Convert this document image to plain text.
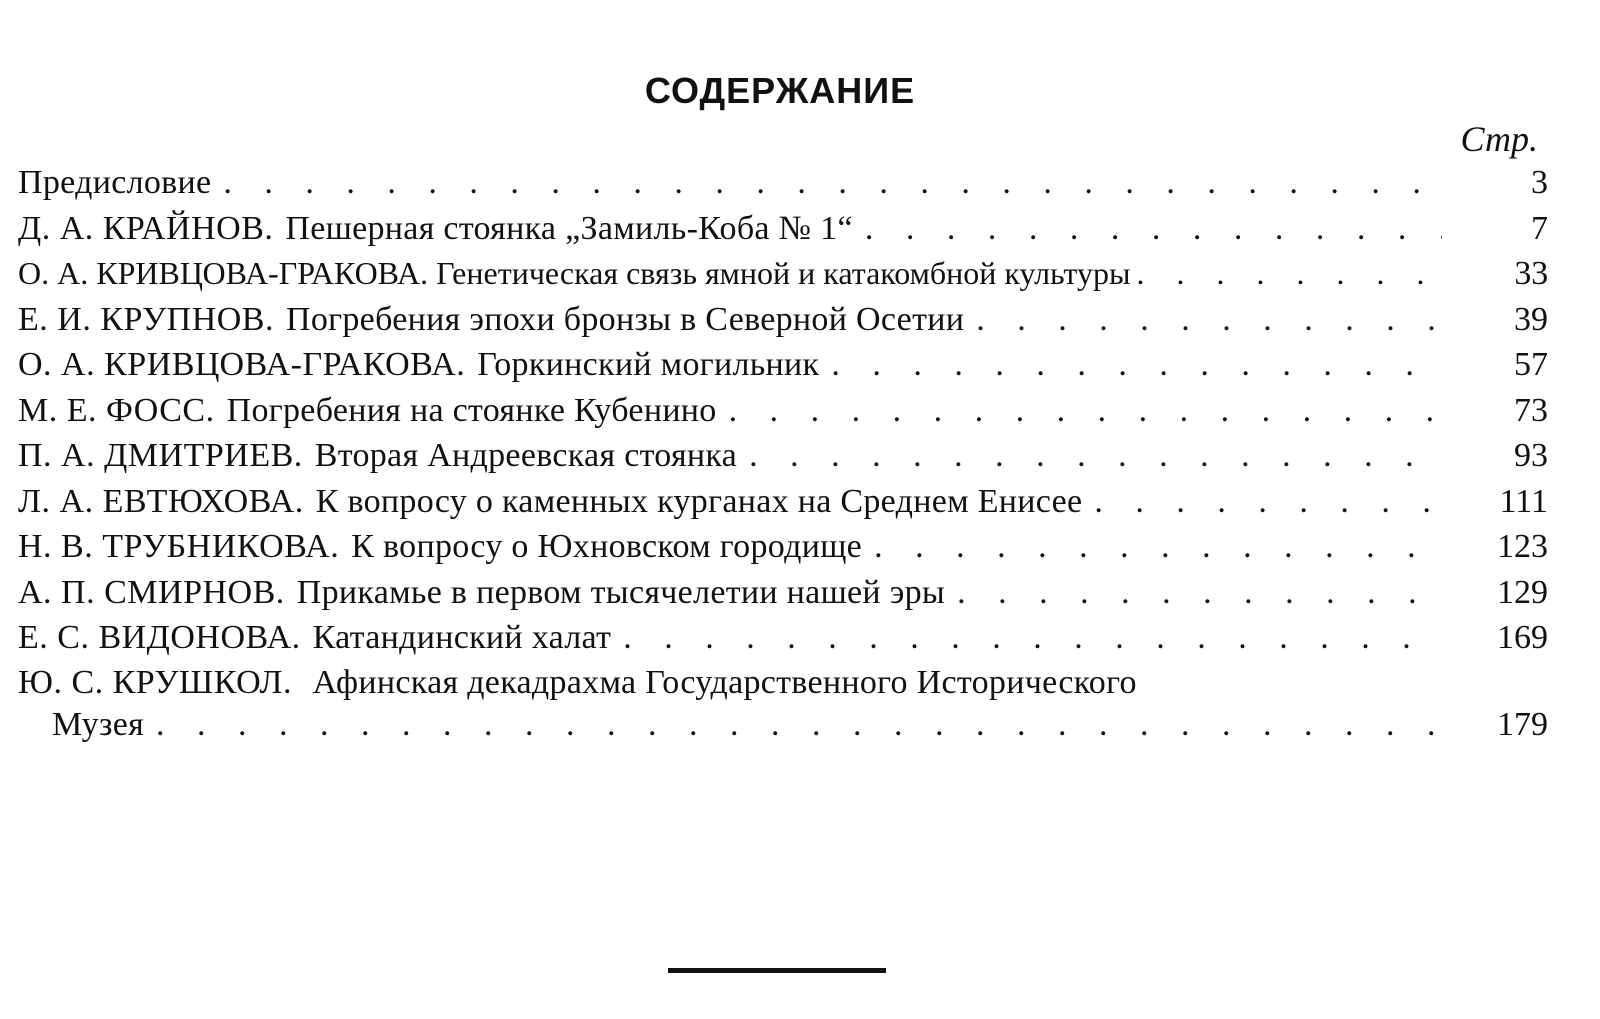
СОДЕРЖАНИЕ
Стр.
Предисловие . . .	3
Д. А. КРАЙНОВ. Пешерная стоянка „Замиль-Коба № 1“ . . .	7
О. А. КРИВЦОВА-ГРАКОВА. Генетическая связь ямной и катакомбной культуры . . .	33
Е. И. КРУПНОВ. Погребения эпохи бронзы в Северной Осетии . . .	39
О. А. КРИВЦОВА-ГРАКОВА. Горкинский могильник . . .	57
М. Е. ФОСС. Погребения на стоянке Кубенино . . .	73
П. А. ДМИТРИЕВ. Вторая Андреевская стоянка . . .	93
Л. А. ЕВТЮХОВА. К вопросу о каменных курганах на Среднем Енисее . . .	111
Н. В. ТРУБНИКОВА. К вопросу о Юхновском городище . . .	123
А. П. СМИРНОВ. Прикамье в первом тысячелетии нашей эры . . .	129
Е. С. ВИДОНОВА. Катандинский халат . . .	169
Ю. С. КРУШКОЛ. Афинская декадрахма Государственного Исторического
Музея . . .	179
